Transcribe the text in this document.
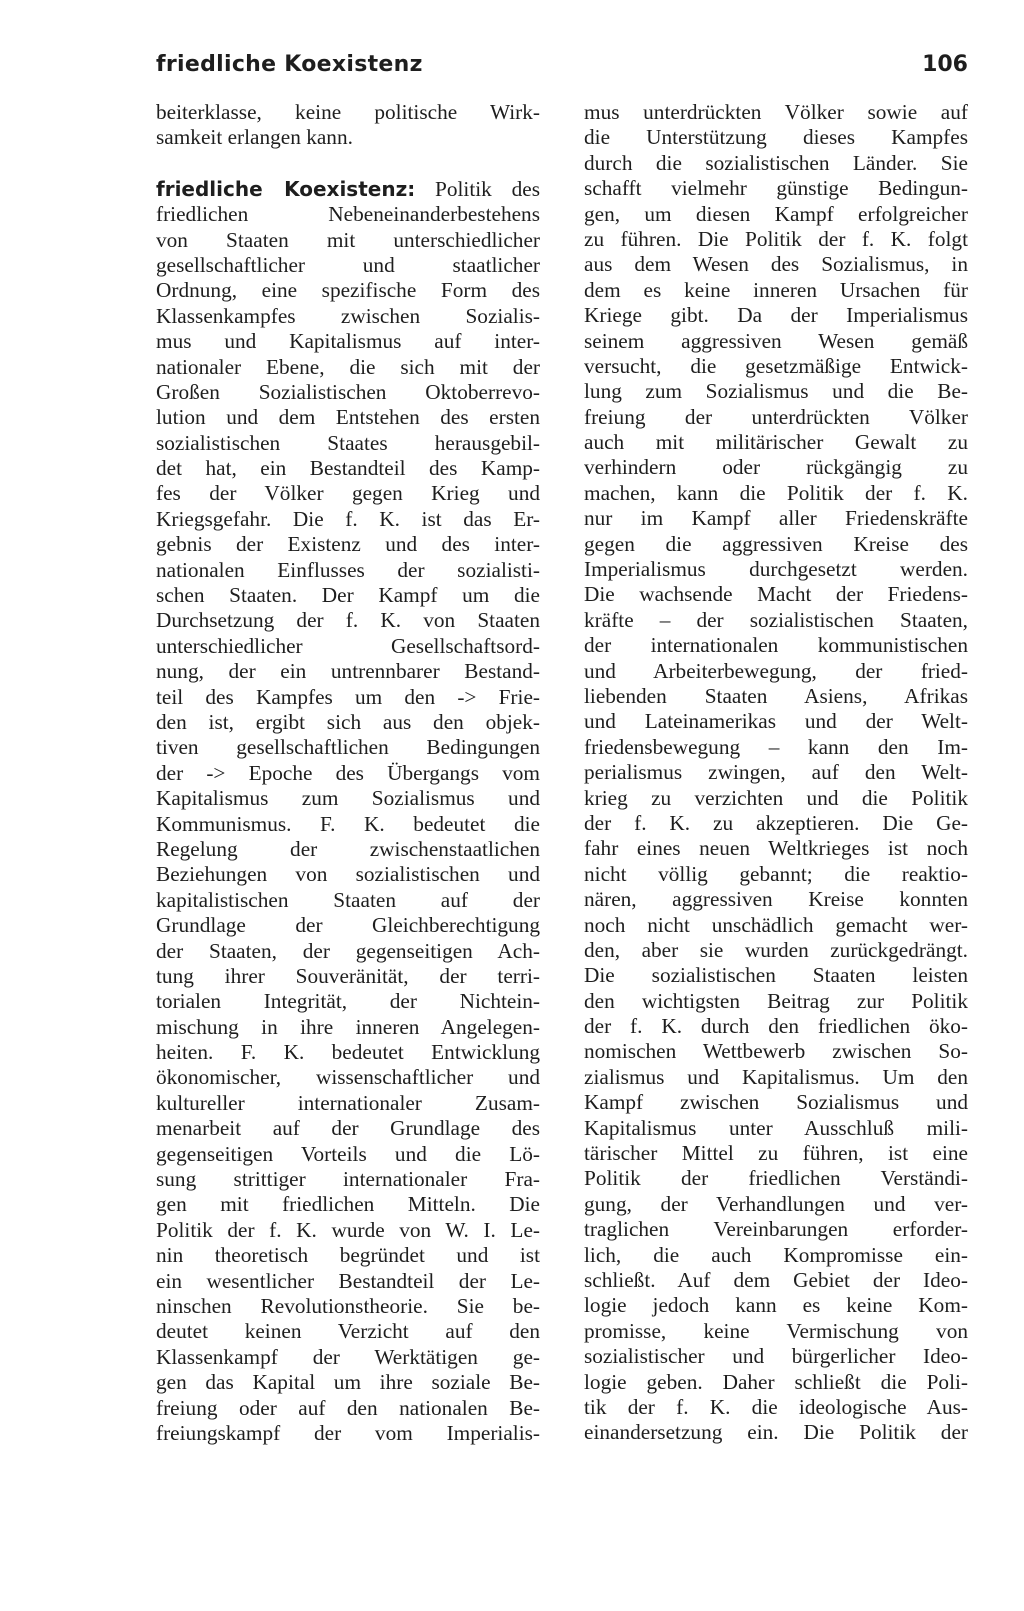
friedliche Koexistenz	106
beiterklasse, keine politische Wirk-
samkeit erlangen kann.
friedliche Koexistenz: Politik des
friedlichen Nebeneinanderbestehens
von Staaten mit unterschiedlicher
gesellschaftlicher und staatlicher
Ordnung, eine spezifische Form des
Klassenkampfes zwischen Sozialis-
mus und Kapitalismus auf inter-
nationaler Ebene, die sich mit der
Großen Sozialistischen Oktoberrevo-
lution und dem Entstehen des ersten
sozialistischen Staates herausgebil-
det hat, ein Bestandteil des Kamp-
fes der Völker gegen Krieg und
Kriegsgefahr. Die f. K. ist das Er-
gebnis der Existenz und des inter-
nationalen Einflusses der sozialisti-
schen Staaten. Der Kampf um die
Durchsetzung der f. K. von Staaten
unterschiedlicher Gesellschaftsord-
nung, der ein untrennbarer Bestand-
teil des Kampfes um den -> Frie-
den ist, ergibt sich aus den objek-
tiven gesellschaftlichen Bedingungen
der -> Epoche des Übergangs vom
Kapitalismus zum Sozialismus und
Kommunismus. F. K. bedeutet die
Regelung der zwischenstaatlichen
Beziehungen von sozialistischen und
kapitalistischen Staaten auf der
Grundlage der Gleichberechtigung
der Staaten, der gegenseitigen Ach-
tung ihrer Souveränität, der terri-
torialen Integrität, der Nichtein-
mischung in ihre inneren Angelegen-
heiten. F. K. bedeutet Entwicklung
ökonomischer, wissenschaftlicher und
kultureller internationaler Zusam-
menarbeit auf der Grundlage des
gegenseitigen Vorteils und die Lö-
sung strittiger internationaler Fra-
gen mit friedlichen Mitteln. Die
Politik der f. K. wurde von W. I. Le-
nin theoretisch begründet und ist
ein wesentlicher Bestandteil der Le-
ninschen Revolutionstheorie. Sie be-
deutet keinen Verzicht auf den
Klassenkampf der Werktätigen ge-
gen das Kapital um ihre soziale Be-
freiung oder auf den nationalen Be-
freiungskampf der vom Imperialis-
mus unterdrückten Völker sowie auf
die Unterstützung dieses Kampfes
durch die sozialistischen Länder. Sie
schafft vielmehr günstige Bedingun-
gen, um diesen Kampf erfolgreicher
zu führen. Die Politik der f. K. folgt
aus dem Wesen des Sozialismus, in
dem es keine inneren Ursachen für
Kriege gibt. Da der Imperialismus
seinem aggressiven Wesen gemäß
versucht, die gesetzmäßige Entwick-
lung zum Sozialismus und die Be-
freiung der unterdrückten Völker
auch mit militärischer Gewalt zu
verhindern oder rückgängig zu
machen, kann die Politik der f. K.
nur im Kampf aller Friedenskräfte
gegen die aggressiven Kreise des
Imperialismus durchgesetzt werden.
Die wachsende Macht der Friedens-
kräfte – der sozialistischen Staaten,
der internationalen kommunistischen
und Arbeiterbewegung, der fried-
liebenden Staaten Asiens, Afrikas
und Lateinamerikas und der Welt-
friedensbewegung – kann den Im-
perialismus zwingen, auf den Welt-
krieg zu verzichten und die Politik
der f. K. zu akzeptieren. Die Ge-
fahr eines neuen Weltkrieges ist noch
nicht völlig gebannt; die reaktio-
nären, aggressiven Kreise konnten
noch nicht unschädlich gemacht wer-
den, aber sie wurden zurückgedrängt.
Die sozialistischen Staaten leisten
den wichtigsten Beitrag zur Politik
der f. K. durch den friedlichen öko-
nomischen Wettbewerb zwischen So-
zialismus und Kapitalismus. Um den
Kampf zwischen Sozialismus und
Kapitalismus unter Ausschluß mili-
tärischer Mittel zu führen, ist eine
Politik der friedlichen Verständi-
gung, der Verhandlungen und ver-
traglichen Vereinbarungen erforder-
lich, die auch Kompromisse ein-
schließt. Auf dem Gebiet der Ideo-
logie jedoch kann es keine Kom-
promisse, keine Vermischung von
sozialistischer und bürgerlicher Ideo-
logie geben. Daher schließt die Poli-
tik der f. K. die ideologische Aus-
einandersetzung ein. Die Politik der
